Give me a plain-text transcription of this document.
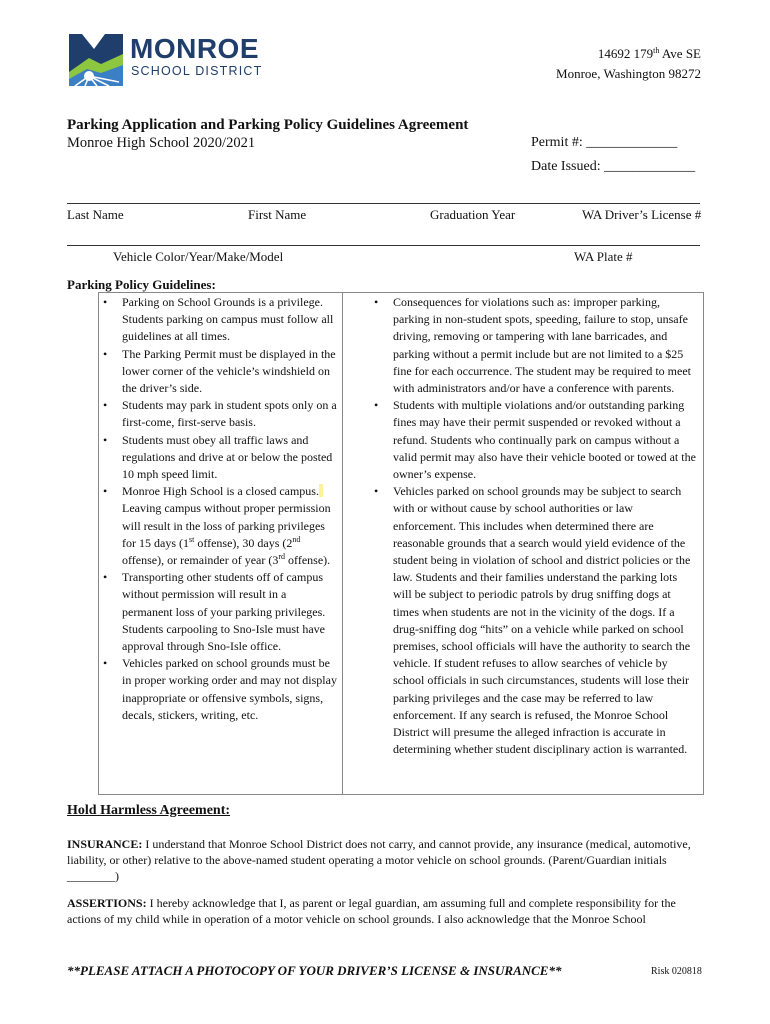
MONROE
SCHOOL DISTRICT
14692 179th Ave SE
Monroe, Washington 98272
Parking Application and Parking Policy Guidelines Agreement
Monroe High School 2020/2021	Permit #: _____________
Date Issued: _____________
Last Name	First Name	Graduation Year	WA Driver’s License #
Vehicle Color/Year/Make/Model	WA Plate #
Parking Policy Guidelines:
• Parking on School Grounds is a privilege. Students parking on campus must follow all guidelines at all times.
• The Parking Permit must be displayed in the lower corner of the vehicle’s windshield on the driver’s side.
• Students may park in student spots only on a first-come, first-serve basis.
• Students must obey all traffic laws and regulations and drive at or below the posted 10 mph speed limit.
• Monroe High School is a closed campus. Leaving campus without proper permission will result in the loss of parking privileges for 15 days (1st offense), 30 days (2nd offense), or remainder of year (3rd offense).
• Transporting other students off of campus without permission will result in a permanent loss of your parking privileges. Students carpooling to Sno-Isle must have approval through Sno-Isle office.
• Vehicles parked on school grounds must be in proper working order and may not display inappropriate or offensive symbols, signs, decals, stickers, writing, etc.
• Consequences for violations such as: improper parking, parking in non-student spots, speeding, failure to stop, unsafe driving, removing or tampering with lane barricades, and parking without a permit include but are not limited to a $25 fine for each occurrence. The student may be required to meet with administrators and/or have a conference with parents.
• Students with multiple violations and/or outstanding parking fines may have their permit suspended or revoked without a refund. Students who continually park on campus without a valid permit may also have their vehicle booted or towed at the owner’s expense.
• Vehicles parked on school grounds may be subject to search with or without cause by school authorities or law enforcement. This includes when determined there are reasonable grounds that a search would yield evidence of the student being in violation of school and district policies or the law. Students and their families understand the parking lots will be subject to periodic patrols by drug sniffing dogs at times when students are not in the vicinity of the dogs. If a drug-sniffing dog “hits” on a vehicle while parked on school premises, school officials will have the authority to search the vehicle. If student refuses to allow searches of vehicle by school officials in such circumstances, students will lose their parking privileges and the case may be referred to law enforcement. If any search is refused, the Monroe School District will presume the alleged infraction is accurate in determining whether student disciplinary action is warranted.
Hold Harmless Agreement:
INSURANCE: I understand that Monroe School District does not carry, and cannot provide, any insurance (medical, automotive, liability, or other) relative to the above-named student operating a motor vehicle on school grounds. (Parent/Guardian initials ________)
ASSERTIONS: I hereby acknowledge that I, as parent or legal guardian, am assuming full and complete responsibility for the actions of my child while in operation of a motor vehicle on school grounds. I also acknowledge that the Monroe School
**PLEASE ATTACH A PHOTOCOPY OF YOUR DRIVER’S LICENSE & INSURANCE**	Risk 020818
